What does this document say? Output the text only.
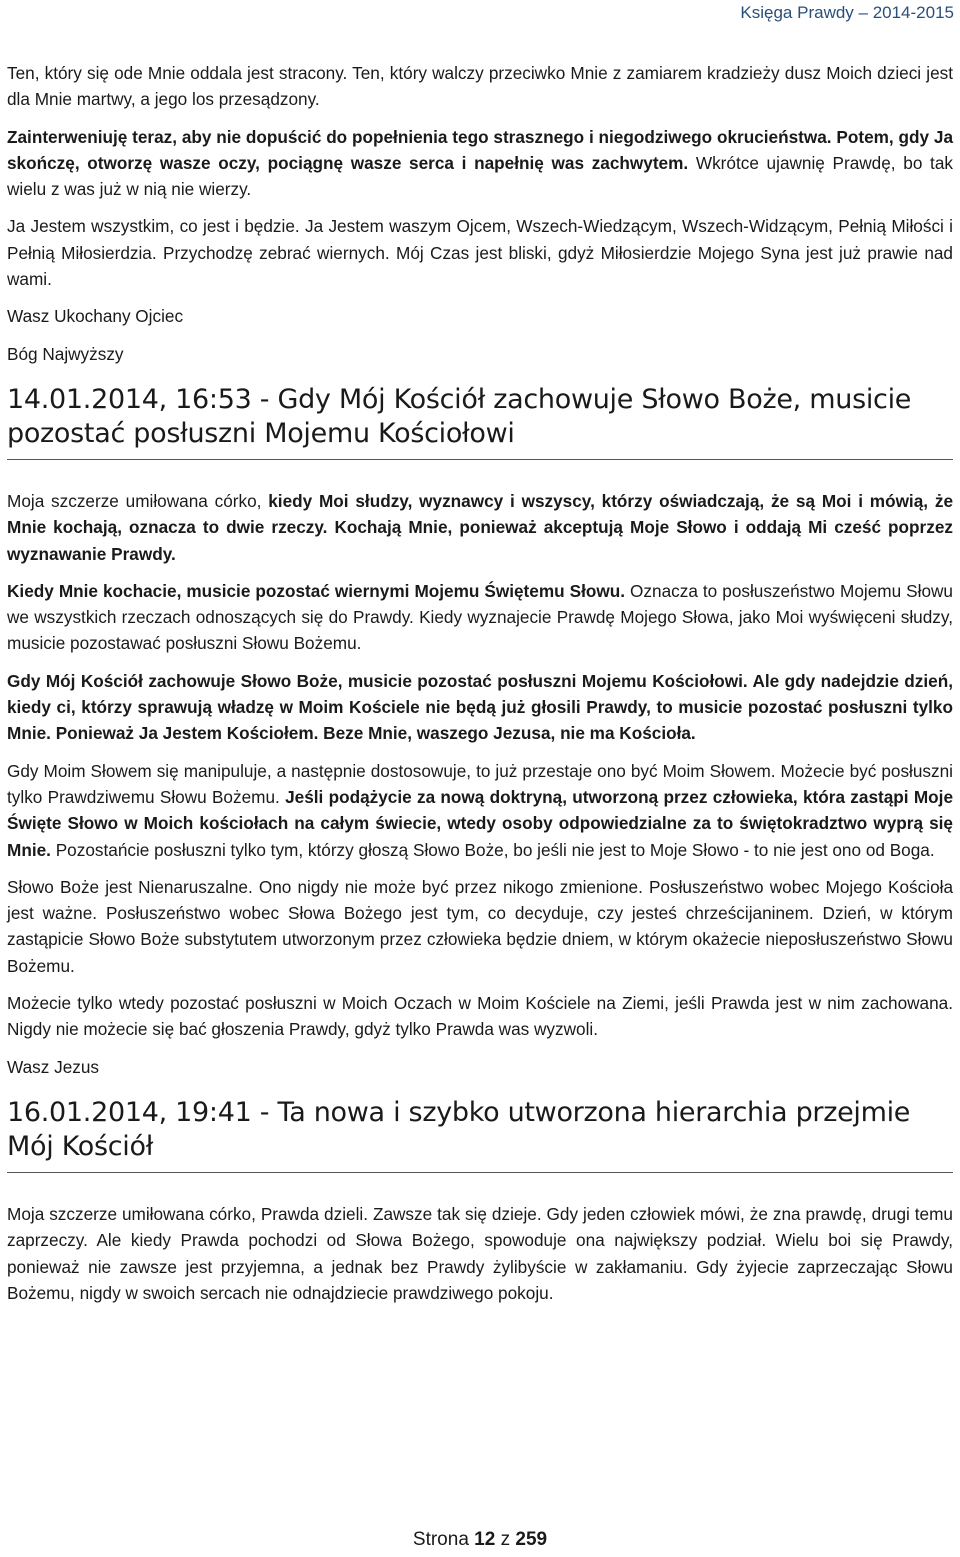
Księga Prawdy – 2014-2015

Ten, który się ode Mnie oddala jest stracony. Ten, który walczy przeciwko Mnie z zamiarem kradzieży dusz Moich dzieci jest dla Mnie martwy, a jego los przesądzony.

Zainterweniuję teraz, aby nie dopuścić do popełnienia tego strasznego i niegodziwego okrucieństwa. Potem, gdy Ja skończę, otworzę wasze oczy, pociągnę wasze serca i napełnię was zachwytem. Wkrótce ujawnię Prawdę, bo tak wielu z was już w nią nie wierzy.

Ja Jestem wszystkim, co jest i będzie. Ja Jestem waszym Ojcem, Wszech-Wiedzącym, Wszech-Widzącym, Pełnią Miłości i Pełnią Miłosierdzia. Przychodzę zebrać wiernych. Mój Czas jest bliski, gdyż Miłosierdzie Mojego Syna jest już prawie nad wami.

Wasz Ukochany Ojciec

Bóg Najwyższy

14.01.2014, 16:53 - Gdy Mój Kościół zachowuje Słowo Boże, musicie pozostać posłuszni Mojemu Kościołowi

Moja szczerze umiłowana córko, kiedy Moi słudzy, wyznawcy i wszyscy, którzy oświadczają, że są Moi i mówią, że Mnie kochają, oznacza to dwie rzeczy. Kochają Mnie, ponieważ akceptują Moje Słowo i oddają Mi cześć poprzez wyznawanie Prawdy.

Kiedy Mnie kochacie, musicie pozostać wiernymi Mojemu Świętemu Słowu. Oznacza to posłuszeństwo Mojemu Słowu we wszystkich rzeczach odnoszących się do Prawdy. Kiedy wyznajecie Prawdę Mojego Słowa, jako Moi wyświęceni słudzy, musicie pozostawać posłuszni Słowu Bożemu.

Gdy Mój Kościół zachowuje Słowo Boże, musicie pozostać posłuszni Mojemu Kościołowi. Ale gdy nadejdzie dzień, kiedy ci, którzy sprawują władzę w Moim Kościele nie będą już głosili Prawdy, to musicie pozostać posłuszni tylko Mnie. Ponieważ Ja Jestem Kościołem. Beze Mnie, waszego Jezusa, nie ma Kościoła.

Gdy Moim Słowem się manipuluje, a następnie dostosowuje, to już przestaje ono być Moim Słowem. Możecie być posłuszni tylko Prawdziwemu Słowu Bożemu. Jeśli podążycie za nową doktryną, utworzoną przez człowieka, która zastąpi Moje Święte Słowo w Moich kościołach na całym świecie, wtedy osoby odpowiedzialne za to świętokradztwo wyprą się Mnie. Pozostańcie posłuszni tylko tym, którzy głoszą Słowo Boże, bo jeśli nie jest to Moje Słowo - to nie jest ono od Boga.

Słowo Boże jest Nienaruszalne. Ono nigdy nie może być przez nikogo zmienione. Posłuszeństwo wobec Mojego Kościoła jest ważne. Posłuszeństwo wobec Słowa Bożego jest tym, co decyduje, czy jesteś chrześcijaninem. Dzień, w którym zastąpicie Słowo Boże substytutem utworzonym przez człowieka będzie dniem, w którym okażecie nieposłuszeństwo Słowu Bożemu.

Możecie tylko wtedy pozostać posłuszni w Moich Oczach w Moim Kościele na Ziemi, jeśli Prawda jest w nim zachowana. Nigdy nie możecie się bać głoszenia Prawdy, gdyż tylko Prawda was wyzwoli.

Wasz Jezus

16.01.2014, 19:41 - Ta nowa i szybko utworzona hierarchia przejmie Mój Kościół

Moja szczerze umiłowana córko, Prawda dzieli. Zawsze tak się dzieje. Gdy jeden człowiek mówi, że zna prawdę, drugi temu zaprzeczy. Ale kiedy Prawda pochodzi od Słowa Bożego, spowoduje ona największy podział. Wielu boi się Prawdy, ponieważ nie zawsze jest przyjemna, a jednak bez Prawdy żylibyście w zakłamaniu. Gdy żyjecie zaprzeczając Słowu Bożemu, nigdy w swoich sercach nie odnajdziecie prawdziwego pokoju.

Strona 12 z 259
